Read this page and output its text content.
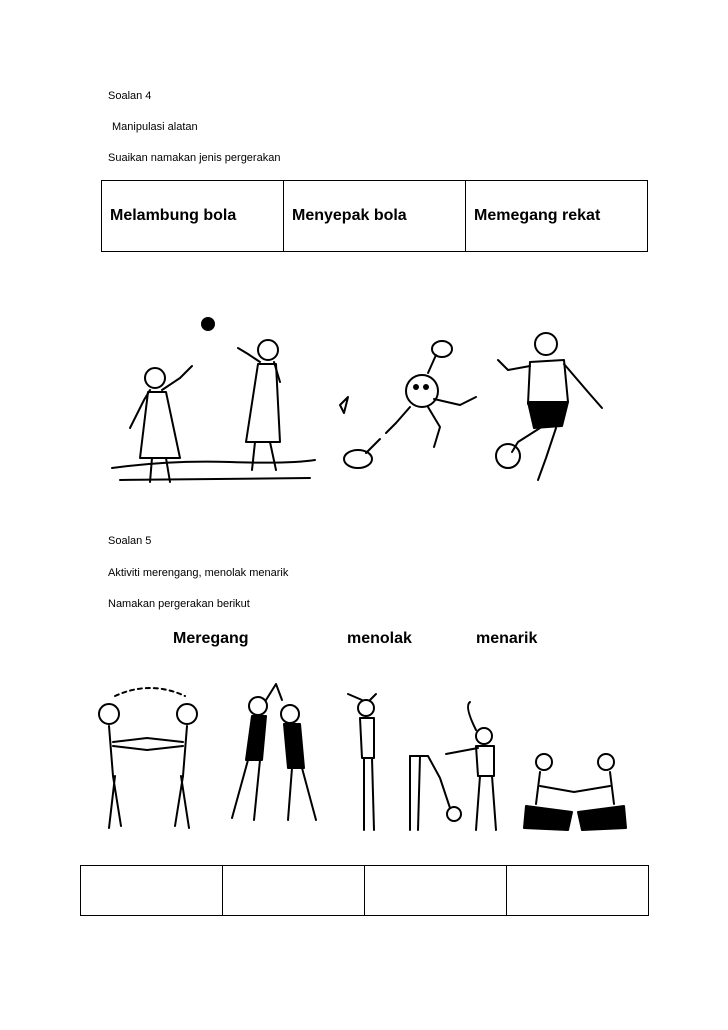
Soalan 4
Manipulasi alatan
Suaikan namakan jenis pergerakan
Melambung bola	Menyepak bola	Memegang rekat
Soalan 5
Aktiviti merengang, menolak menarik
Namakan pergerakan berikut
Meregang	menolak	menarik
